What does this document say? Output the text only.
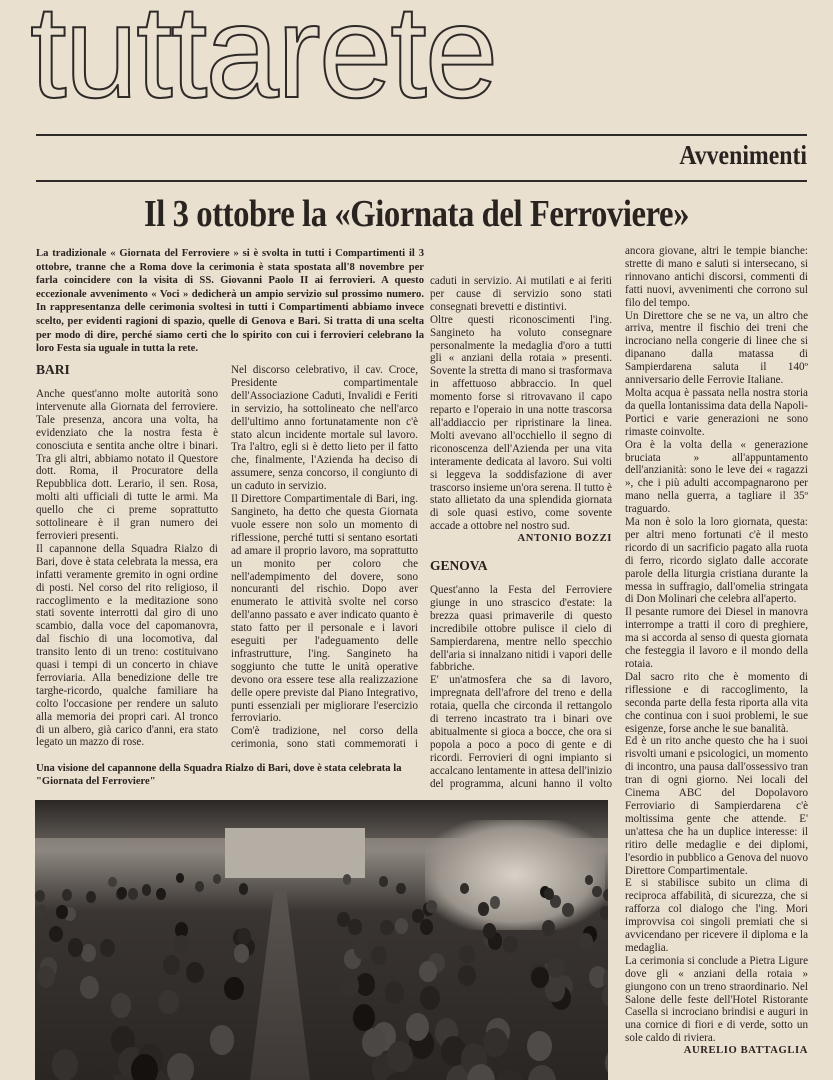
tuttarete
Avvenimenti
Il 3 ottobre la «Giornata del Ferroviere»
La tradizionale « Giornata del Ferroviere » si è svolta in tutti i Compartimenti il 3 ottobre, tranne che a Roma dove la cerimonia è stata spostata all'8 novembre per farla coincidere con la visita di SS. Giovanni Paolo II ai ferrovieri. A questo eccezionale avvenimento « Voci » dedicherà un ampio servizio sul prossimo numero. In rappresentanza delle cerimonia svoltesi in tutti i Compartimenti abbiamo invece scelto, per evidenti ragioni di spazio, quelle di Genova e Bari. Si tratta di una scelta per modo di dire, perché siamo certi che lo spirito con cui i ferrovieri celebrano la loro Festa sia uguale in tutta la rete.
BARI

Anche quest'anno molte autorità sono intervenute alla Giornata del ferroviere. Tale presenza, ancora una volta, ha evidenziato che la nostra festa è conosciuta e sentita anche oltre i binari. Tra gli altri, abbiamo notato il Questore dott. Roma, il Procuratore della Repubblica dott. Lerario, il sen. Rosa, molti alti ufficiali di tutte le armi. Ma quello che ci preme soprattutto sottolineare è il gran numero dei ferrovieri presenti.

Il capannone della Squadra Rialzo di Bari, dove è stata celebrata la messa, era infatti veramente gremito in ogni ordine di posti. Nel corso del rito religioso, il raccoglimento e la meditazione sono stati sovente interrotti dal giro di uno scambio, dalla voce del capomanovra, dal fischio di una locomotiva, dal transito lento di un treno: costituivano quasi i tempi di un concerto in chiave ferroviaria. Alla benedizione delle tre targhe-ricordo, qualche familiare ha colto l'occasione per rendere un saluto alla memoria dei propri cari. Al tronco di un albero, già carico d'anni, era stato legato un mazzo di rose.

Nel discorso celebrativo, il cav. Croce, Presidente compartimentale dell'Associazione Caduti, Invalidi e Feriti in servizio, ha sottolineato che nell'arco dell'ultimo anno fortunatamente non c'è stato alcun incidente mortale sul lavoro. Tra l'altro, egli si è detto lieto per il fatto che, finalmente, l'Azienda ha deciso di assumere, senza concorso, il congiunto di un caduto in servizio.

Il Direttore Compartimentale di Bari, ing. Sangineto, ha detto che questa Giornata vuole essere non solo un momento di riflessione, perché tutti si sentano esortati ad amare il proprio lavoro, ma soprattutto un monito per coloro che nell'adempimento del dovere, sono noncuranti del rischio. Dopo aver enumerato le attività svolte nel corso dell'anno passato e aver indicato quanto è stato fatto per il personale e i lavori eseguiti per l'adeguamento delle infrastrutture, l'ing. Sangineto ha soggiunto che tutte le unità operative devono ora essere tese alla realizzazione delle opere previste dal Piano Integrativo, punti essenziali per migliorare l'esercizio ferroviario.

Com'è tradizione, nel corso della cerimonia, sono stati commemorati i

caduti in servizio. Ai mutilati e ai feriti per cause di servizio sono stati consegnati brevetti e distintivi.

Oltre questi riconoscimenti l'ing. Sangineto ha voluto consegnare personalmente la medaglia d'oro a tutti gli « anziani della rotaia » presenti. Sovente la stretta di mano si trasformava in affettuoso abbraccio. In quel momento forse si ritrovavano il capo reparto e l'operaio in una notte trascorsa all'addiaccio per ripristinare la linea. Molti avevano all'occhiello il segno di riconoscenza dell'Azienda per una vita interamente dedicata al lavoro. Sui volti si leggeva la soddisfazione di aver trascorso insieme un'ora serena. Il tutto è stato allietato da una splendida giornata di sole quasi estivo, come sovente accade a ottobre nel nostro sud.

ANTONIO BOZZI
GENOVA

Quest'anno la Festa del Ferroviere giunge in uno strascico d'estate: la brezza quasi primaverile di questo incredibile ottobre pulisce il cielo di Sampierdarena, mentre nello specchio dell'aria si innalzano nitidi i vapori delle fabbriche.

E' un'atmosfera che sa di lavoro, impregnata dell'afrore del treno e della rotaia, quella che circonda il rettangolo di terreno incastrato tra i binari ove abitualmente si gioca a bocce, che ora si popola a poco a poco di gente e di ricordi. Ferrovieri di ogni impianto si accalcano lentamente in attesa dell'inizio del programma, alcuni hanno il volto

ancora giovane, altri le tempie bianche: strette di mano e saluti si intersecano, si rinnovano antichi discorsi, commenti di fatti nuovi, avvenimenti che corrono sul filo del tempo.

Un Direttore che se ne va, un altro che arriva, mentre il fischio dei treni che incrociano nella congerie di linee che si dipanano dalla matassa di Sampierdarena saluta il 140º anniversario delle Ferrovie Italiane.

Molta acqua è passata nella nostra storia da quella lontanissima data della Napoli-Portici e varie generazioni ne sono rimaste coinvolte.

Ora è la volta della « generazione bruciata » all'appuntamento dell'anzianità: sono le leve dei « ragazzi », che i più adulti accompagnarono per mano nella guerra, a tagliare il 35º traguardo.

Ma non è solo la loro giornata, questa: per altri meno fortunati c'è il mesto ricordo di un sacrificio pagato alla ruota di ferro, ricordo siglato dalle accorate parole della liturgia cristiana durante la messa in suffragio, dall'omelia stringata di Don Molinari che celebra all'aperto.

Il pesante rumore dei Diesel in manovra interrompe a tratti il coro di preghiere, ma si accorda al senso di questa giornata che festeggia il lavoro e il mondo della rotaia.

Dal sacro rito che è momento di riflessione e di raccoglimento, la seconda parte della festa riporta alla vita che continua con i suoi problemi, le sue esigenze, forse anche le sue banalità.

Ed è un rito anche questo che ha i suoi risvolti umani e psicologici, un momento di incontro, una pausa dall'ossessivo tran tran di ogni giorno. Nei locali del Cinema ABC del Dopolavoro Ferroviario di Sampierdarena c'è moltissima gente che attende. E' un'attesa che ha un duplice interesse: il ritiro delle medaglie e dei diplomi, l'esordio in pubblico a Genova del nuovo Direttore Compartimentale.

E si stabilisce subito un clima di reciproca affabilità, di sicurezza, che si rafforza col dialogo che l'ing. Mori improvvisa coi singoli premiati che si avvicendano per ricevere il diploma e la medaglia.

La cerimonia si conclude a Pietra Ligure dove gli « anziani della rotaia » giungono con un treno straordinario. Nel Salone delle feste dell'Hotel Ristorante Casella si incrociano brindisi e auguri in una cornice di fiori e di verde, sotto un sole caldo di riviera.

AURELIO BATTAGLIA
Una visione del capannone della Squadra Rialzo di Bari, dove è stata celebrata la "Giornata del Ferroviere"
